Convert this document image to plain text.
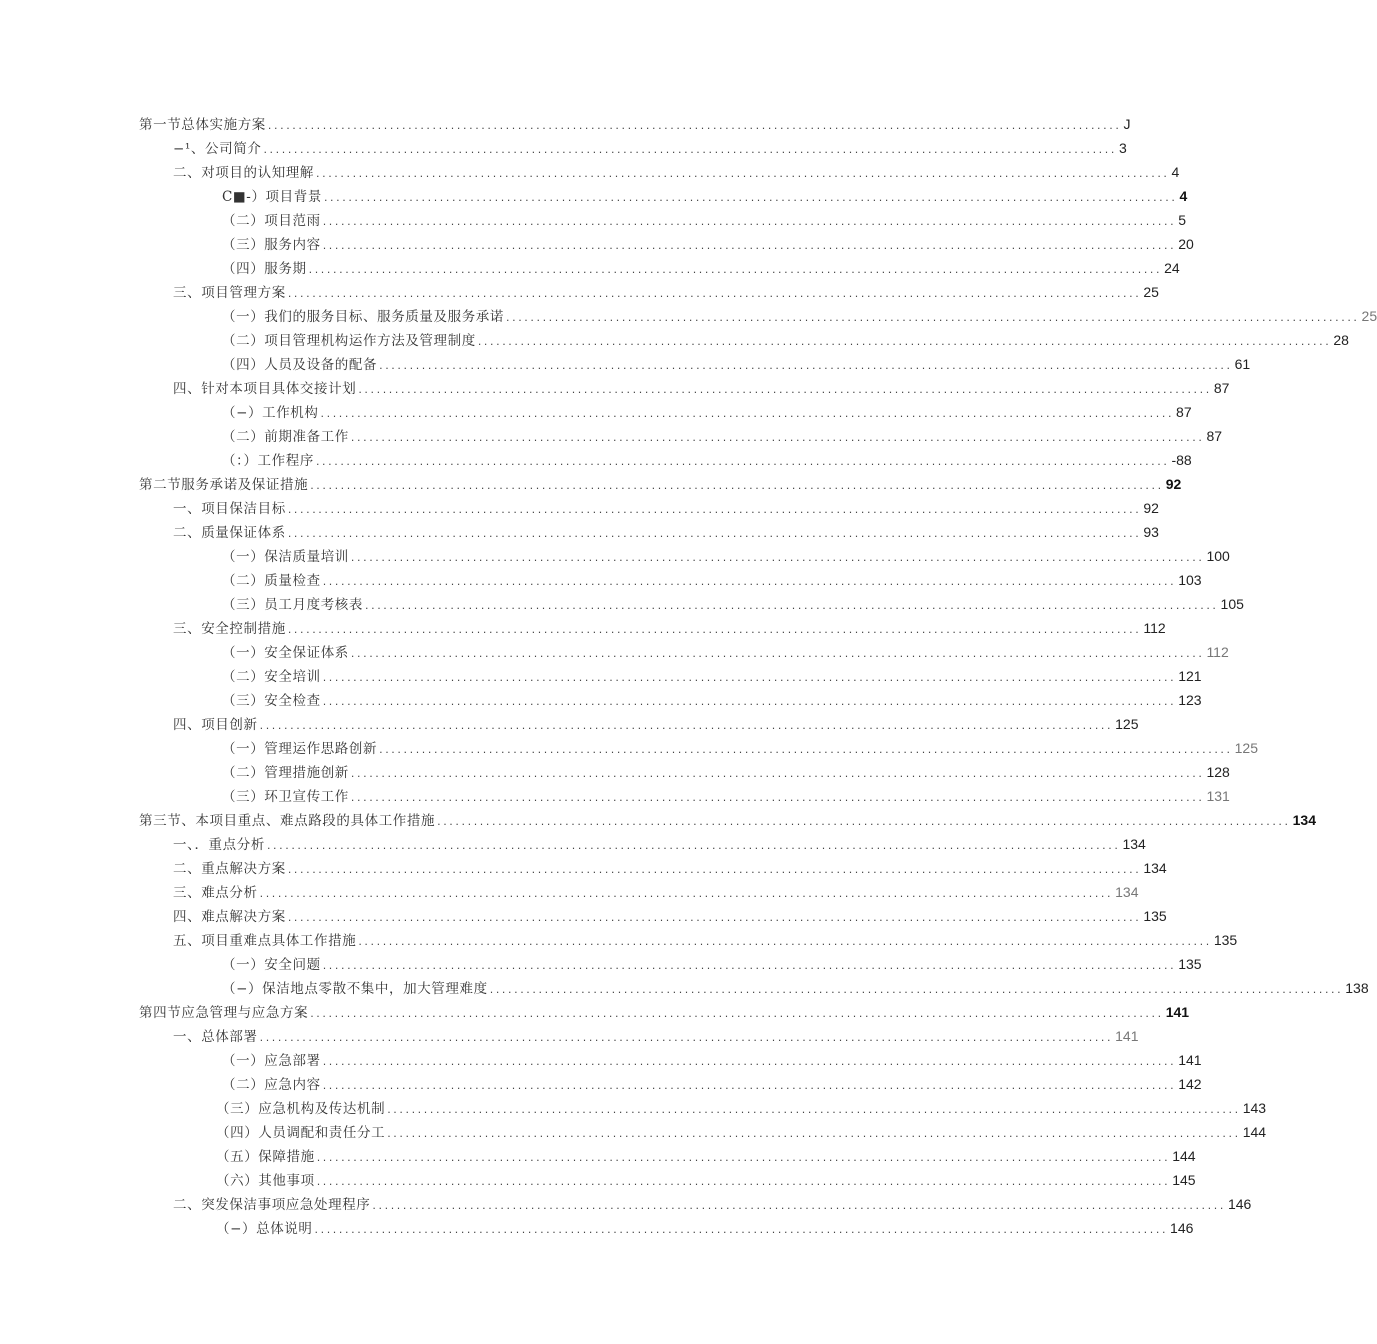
第一节总体实施方案 ............................................................................................................................................ J
−¹、公司简介 ............................................................................................................................................ 3
二、对项目的认知理解 ............................................................................................................................................ 4
C■-）项目背景 ............................................................................................................................................ 4
（二）项目范雨 ............................................................................................................................................ 5
（三）服务内容 ............................................................................................................................................ 20
（四）服务期 ............................................................................................................................................ 24
三、项目管理方案 ............................................................................................................................................ 25
（一）我们的服务目标、服务质量及服务承诺 ............................................................................................................................................ 25
（二）项目管理机构运作方法及管理制度 ............................................................................................................................................ 28
（四）人员及设备的配备 ............................................................................................................................................ 61
四、针对本项目具体交接计划 ............................................................................................................................................ 87
（−）工作机构 ............................................................................................................................................ 87
（二）前期准备工作 ............................................................................................................................................ 87
（：）工作程序 ............................................................................................................................................ -88
第二节服务承诺及保证措施 ............................................................................................................................................ 92
一、项目保洁目标 ............................................................................................................................................ 92
二、质量保证体系 ............................................................................................................................................ 93
（一）保洁质量培训 ............................................................................................................................................ 100
（二）质量检查 ............................................................................................................................................ 103
（三）员工月度考核表 ............................................................................................................................................ 105
三、安全控制措施 ............................................................................................................................................ 112
（一）安全保证体系 ............................................................................................................................................ 112
（二）安全培训 ............................................................................................................................................ 121
（三）安全检查 ............................................................................................................................................ 123
四、项目创新 ............................................................................................................................................ 125
（一）管理运作思路创新 ............................................................................................................................................ 125
（二）管理措施创新 ............................................................................................................................................ 128
（三）环卫宣传工作 ............................................................................................................................................ 131
第三节、本项目重点、难点路段的具体工作措施 ............................................................................................................................................ 134
一、．重点分析 ............................................................................................................................................ 134
二、重点解决方案 ............................................................................................................................................ 134
三、难点分析 ............................................................................................................................................ 134
四、难点解决方案 ............................................................................................................................................ 135
五、项目重难点具体工作措施 ............................................................................................................................................ 135
（一）安全问题 ............................................................................................................................................ 135
（−）保洁地点零散不集中，加大管理难度 ............................................................................................................................................ 138
第四节应急管理与应急方案 ............................................................................................................................................ 141
一、总体部署 ............................................................................................................................................ 141
（一）应急部署 ............................................................................................................................................ 141
（二）应急内容 ............................................................................................................................................ 142
（三）应急机构及传达机制 ............................................................................................................................................ 143
（四）人员调配和责任分工 ............................................................................................................................................ 144
（五）保障措施 ............................................................................................................................................ 144
（六）其他事项 ............................................................................................................................................ 145
二、突发保洁事项应急处理程序 ............................................................................................................................................ 146
（−）总体说明 ............................................................................................................................................ 146
